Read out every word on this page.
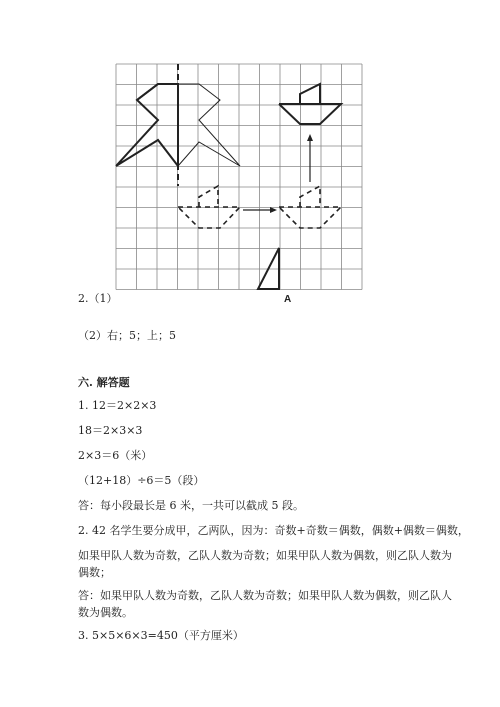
A
2.（1）
（2）右；5；上；5
六. 解答题
1. 12＝2×2×3
18＝2×3×3
2×3＝6（米）
（12+18）÷6＝5（段）
答：每小段最长是 6 米，一共可以截成 5 段。
2. 42 名学生要分成甲，乙两队，因为：奇数+奇数＝偶数，偶数+偶数＝偶数，
如果甲队人数为奇数，乙队人数为奇数；如果甲队人数为偶数，则乙队人数为
偶数；
答：如果甲队人数为奇数，乙队人数为奇数；如果甲队人数为偶数，则乙队人
数为偶数。
3. 5×5×6×3=450（平方厘米）
